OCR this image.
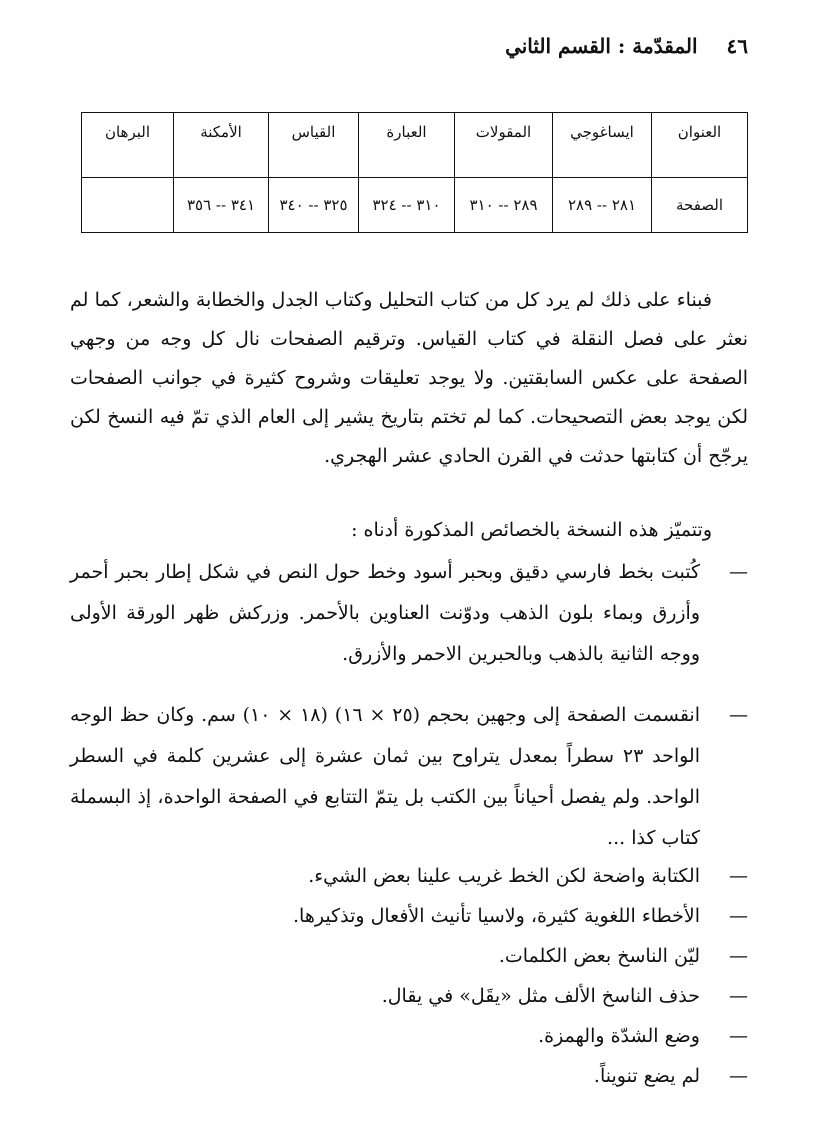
٤٦ المقدّمة : القسم الثاني
العنوان	ايساغوجي	المقولات	العبارة	القياس	الأمكنة	البرهان
الصفحة	٢٨١ -- ٢٨٩	٢٨٩ -- ٣١٠	٣١٠ -- ٣٢٤	٣٢٥ -- ٣٤٠	٣٤١ -- ٣٥٦	

فبناء على ذلك لم يرد كل من كتاب التحليل وكتاب الجدل والخطابة والشعر، كما لم نعثر على فصل النقلة في كتاب القياس. وترقيم الصفحات نال كل وجه من وجهي الصفحة على عكس السابقتين. ولا يوجد تعليقات وشروح كثيرة في جوانب الصفحات لكن يوجد بعض التصحيحات. كما لم تختم بتاريخ يشير إلى العام الذي تمّ فيه النسخ لكن يرجّح أن كتابتها حدثت في القرن الحادي عشر الهجري.

وتتميّز هذه النسخة بالخصائص المذكورة أدناه :

—
كُتبت بخط فارسي دقيق وبحبر أسود وخط حول النص في شكل إطار بحبر أحمر وأزرق وبماء بلون الذهب ودوّنت العناوين بالأحمر. وزركش ظهر الورقة الأولى ووجه الثانية بالذهب وبالحبرين الاحمر والأزرق.
—
انقسمت الصفحة إلى وجهين بحجم (٢٥ × ١٦) (١٨ × ١٠) سم. وكان حظ الوجه الواحد ٢٣ سطراً بمعدل يتراوح بين ثمان عشرة إلى عشرين كلمة في السطر الواحد. ولم يفصل أحياناً بين الكتب بل يتمّ التتابع في الصفحة الواحدة، إذ البسملة كتاب كذا ...
—
الكتابة واضحة لكن الخط غريب علينا بعض الشيء.
—
الأخطاء اللغوية كثيرة، ولاسيا تأنيث الأفعال وتذكيرها.
—
ليّن الناسخ بعض الكلمات.
—
حذف الناسخ الألف مثل «يقَل» في يقال.
—
وضع الشدّة والهمزة.
—
لم يضع تنويناً.
